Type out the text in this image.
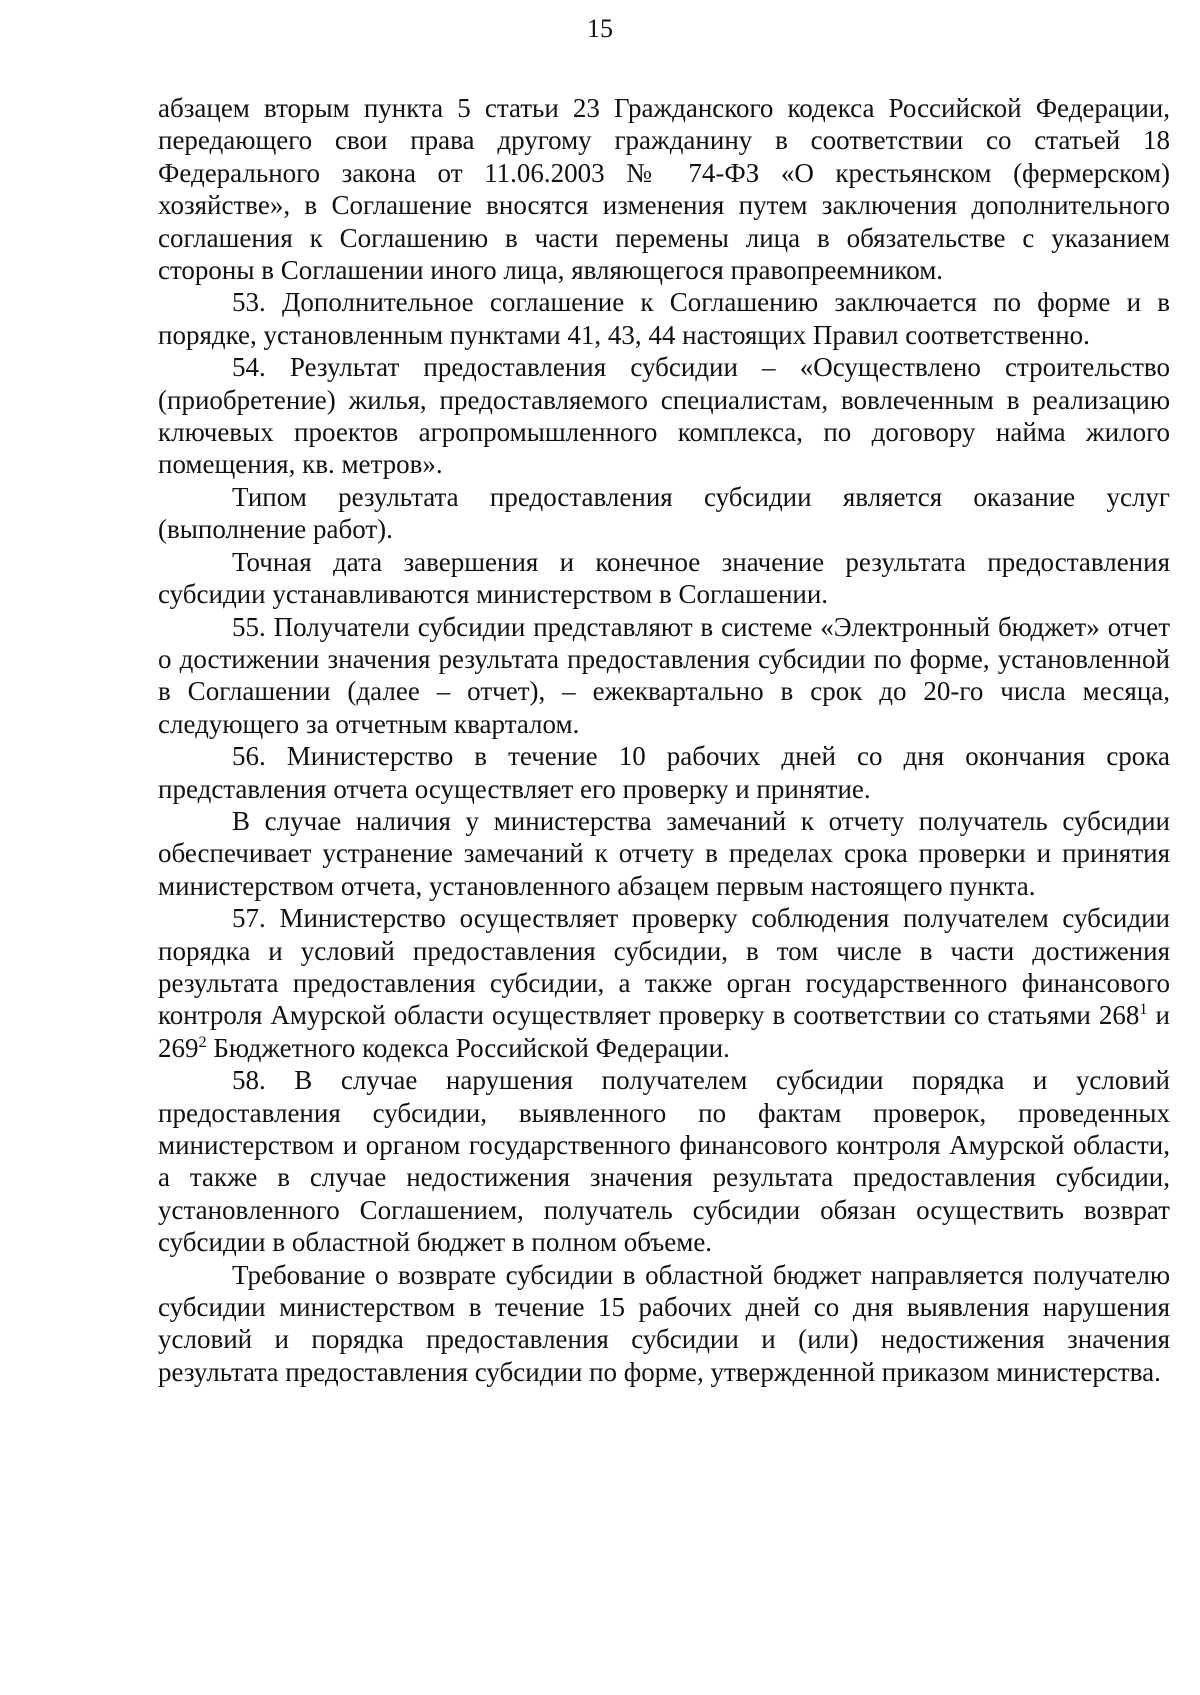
15

абзацем вторым пункта 5 статьи 23 Гражданского кодекса Российской Федерации, передающего свои права другому гражданину в соответствии со статьей 18 Федерального закона от 11.06.2003 № 74-ФЗ «О крестьянском (фермерском) хозяйстве», в Соглашение вносятся изменения путем заключения дополнительного соглашения к Соглашению в части перемены лица в обязательстве с указанием стороны в Соглашении иного лица, являющегося правопреемником.

53. Дополнительное соглашение к Соглашению заключается по форме и в порядке, установленным пунктами 41, 43, 44 настоящих Правил соответственно.

54. Результат предоставления субсидии – «Осуществлено строительство (приобретение) жилья, предоставляемого специалистам, вовлеченным в реализацию ключевых проектов агропромышленного комплекса, по договору найма жилого помещения, кв. метров».

Типом результата предоставления субсидии является оказание услуг (выполнение работ).

Точная дата завершения и конечное значение результата предоставления субсидии устанавливаются министерством в Соглашении.

55. Получатели субсидии представляют в системе «Электронный бюджет» отчет о достижении значения результата предоставления субсидии по форме, установленной в Соглашении (далее – отчет), – ежеквартально в срок до 20-го числа месяца, следующего за отчетным кварталом.

56. Министерство в течение 10 рабочих дней со дня окончания срока представления отчета осуществляет его проверку и принятие.

В случае наличия у министерства замечаний к отчету получатель субсидии обеспечивает устранение замечаний к отчету в пределах срока проверки и принятия министерством отчета, установленного абзацем первым настоящего пункта.

57. Министерство осуществляет проверку соблюдения получателем субсидии порядка и условий предоставления субсидии, в том числе в части достижения результата предоставления субсидии, а также орган государственного финансового контроля Амурской области осуществляет проверку в соответствии со статьями $268^1$ и $269^2$ Бюджетного кодекса Российской Федерации.

58. В случае нарушения получателем субсидии порядка и условий предоставления субсидии, выявленного по фактам проверок, проведенных министерством и органом государственного финансового контроля Амурской области, а также в случае недостижения значения результата предоставления субсидии, установленного Соглашением, получатель субсидии обязан осуществить возврат субсидии в областной бюджет в полном объеме.

Требование о возврате субсидии в областной бюджет направляется получателю субсидии министерством в течение 15 рабочих дней со дня выявления нарушения условий и порядка предоставления субсидии и (или) недостижения значения результата предоставления субсидии по форме, утвержденной приказом министерства.
